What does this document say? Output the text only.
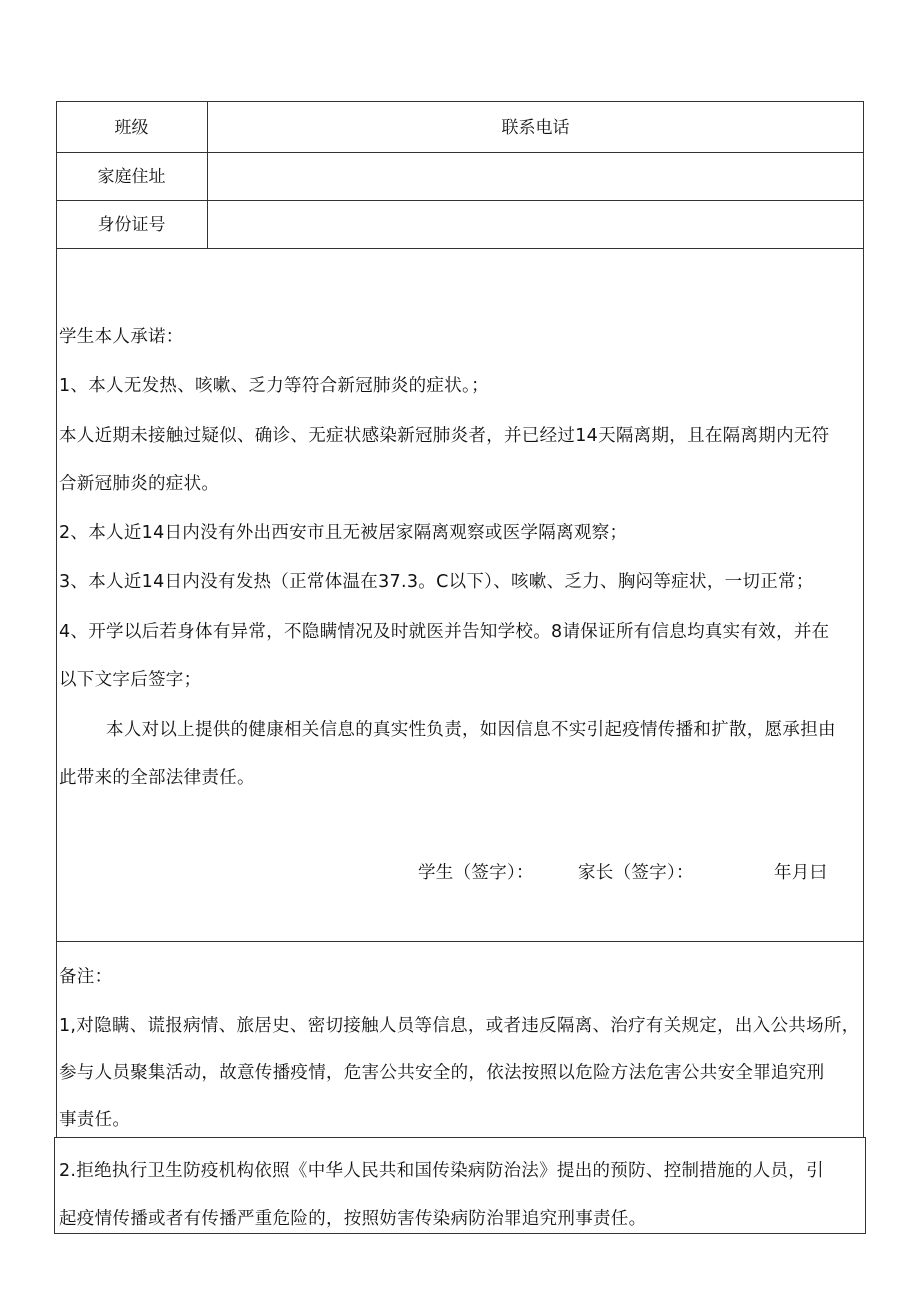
班级	联系电话
家庭住址
身份证号
学生本人承诺：
1、本人无发热、咳嗽、乏力等符合新冠肺炎的症状。；
本人近期未接触过疑似、确诊、无症状感染新冠肺炎者，并已经过14天隔离期，且在隔离期内无符
合新冠肺炎的症状。
2、本人近14日内没有外出西安市且无被居家隔离观察或医学隔离观察；
3、本人近14日内没有发热（正常体温在37.3。C以下）、咳嗽、乏力、胸闷等症状，一切正常；
4、开学以后若身体有异常，不隐瞒情况及时就医并告知学校。8请保证所有信息均真实有效，并在
以下文字后签字；
本人对以上提供的健康相关信息的真实性负责，如因信息不实引起疫情传播和扩散，愿承担由
此带来的全部法律责任。
学生（签字）：	家长（签字）：	年月曰
备注：
1,对隐瞒、谎报病情、旅居史、密切接触人员等信息，或者违反隔离、治疗有关规定，出入公共场所，
参与人员聚集活动，故意传播疫情，危害公共安全的，依法按照以危险方法危害公共安全罪追究刑
事责任。
2.拒绝执行卫生防疫机构依照《中华人民共和国传染病防治法》提出的预防、控制措施的人员，引
起疫情传播或者有传播严重危险的，按照妨害传染病防治罪追究刑事责任。
